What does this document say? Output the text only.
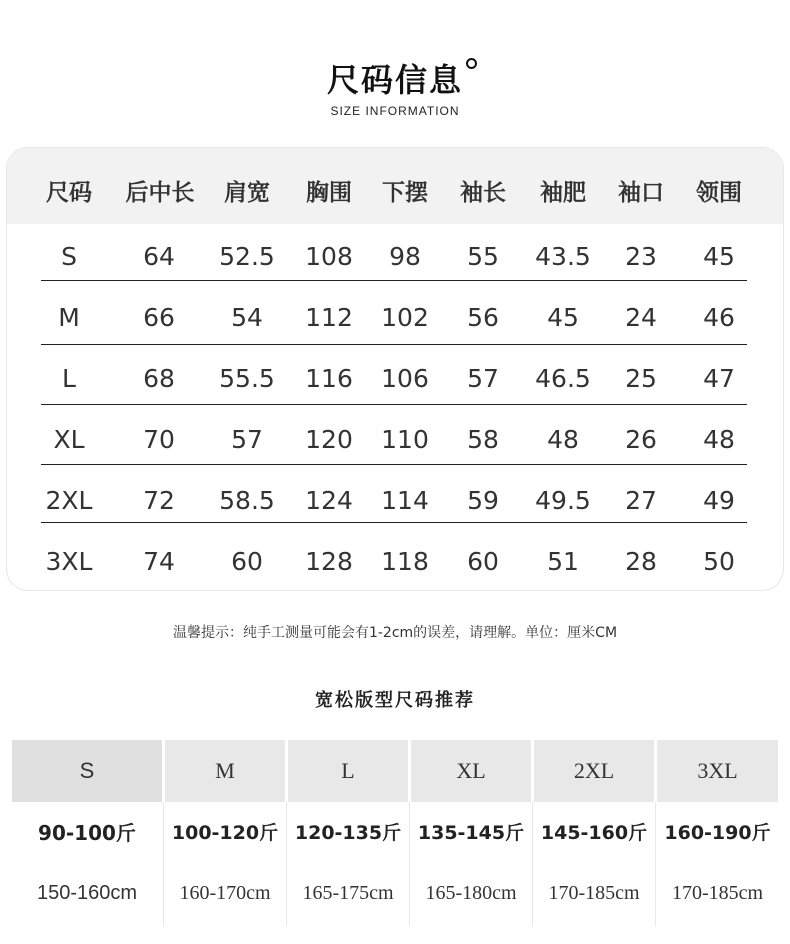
尺码信息
SIZE INFORMATION
尺码	后中长	肩宽	胸围	下摆	袖长	袖肥	袖口	领围
S	64	52.5	108	98	55	43.5	23	45
M	66	54	112	102	56	45	24	46
L	68	55.5	116	106	57	46.5	25	47
XL	70	57	120	110	58	48	26	48
2XL	72	58.5	124	114	59	49.5	27	49
3XL	74	60	128	118	60	51	28	50
温馨提示：纯手工测量可能会有1-2cm的误差，请理解。单位：厘米CM
宽松版型尺码推荐
S	M	L	XL	2XL	3XL
90-100斤	100-120斤 120-135斤 135-145斤 145-160斤 160-190斤
150-160cm	160-170cm	165-175cm	165-180cm	170-185cm	170-185cm
